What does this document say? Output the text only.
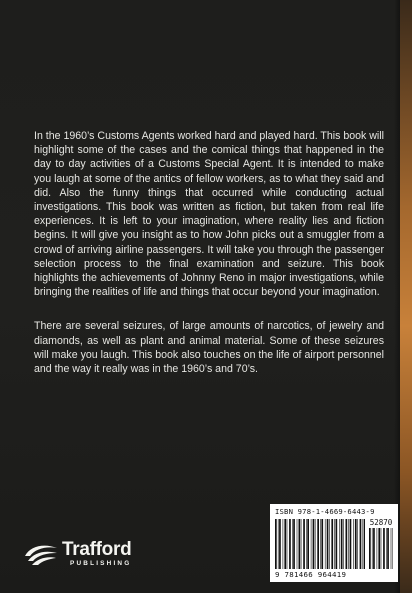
In the 1960’s Customs Agents worked hard and played hard. This book will highlight some of the cases and the comical things that happened in the day to day activities of a Customs Special Agent. It is intended to make you laugh at some of the antics of fellow workers, as to what they said and did. Also the funny things that occurred while conducting actual investigations. This book was written as fiction, but taken from real life experiences. It is left to your imagination, where reality lies and fiction begins. It will give you insight as to how John picks out a smuggler from a crowd of arriving airline passengers. It will take you through the passenger selection process to the final examination and seizure. This book highlights the achievements of Johnny Reno in major investigations, while bringing the realities of life and things that occur beyond your imagination.

There are several seizures, of large amounts of narcotics, of jewelry and diamonds, as well as plant and animal material. Some of these seizures will make you laugh. This book also touches on the life of airport personnel and the way it really was in the 1960’s and 70’s.

ISBN 978-1-4669-6443-9
52870
9 781466 964419
Trafford
PUBLISHING
